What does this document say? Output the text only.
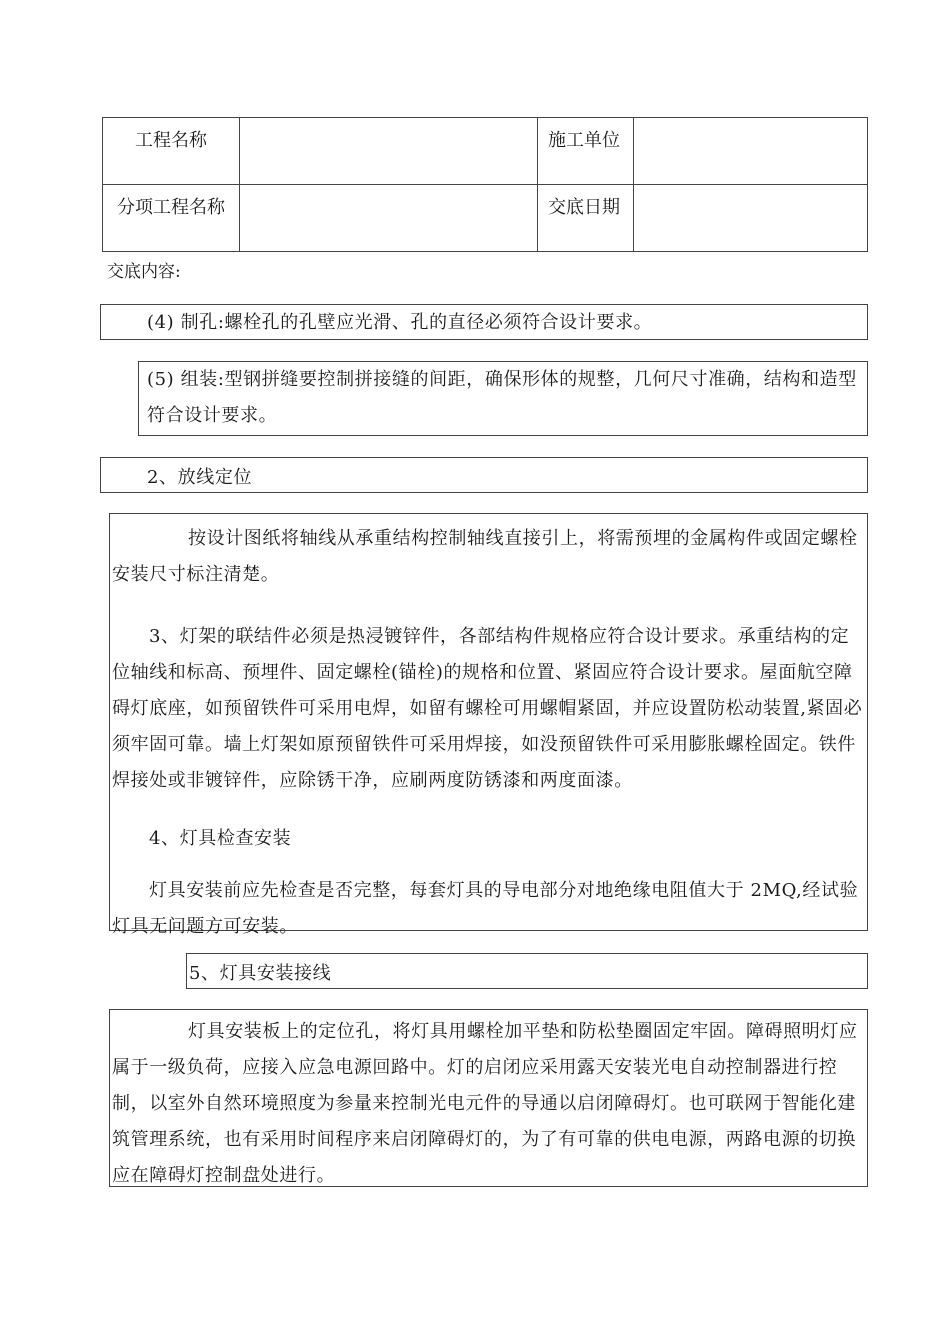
工程名称		施工单位	
分项工程名称		交底日期	
交底内容:

(4) 制孔:螺栓孔的孔壁应光滑、孔的直径必须符合设计要求。

(5) 组装:型钢拼缝要控制拼接缝的间距，确保形体的规整，几何尺寸准确，结构和造型符合设计要求。

2、放线定位

按设计图纸将轴线从承重结构控制轴线直接引上，将需预埋的金属构件或固定螺栓安装尺寸标注清楚。

3、灯架的联结件必须是热浸镀锌件，各部结构件规格应符合设计要求。承重结构的定位轴线和标高、预埋件、固定螺栓(锚栓)的规格和位置、紧固应符合设计要求。屋面航空障碍灯底座，如预留铁件可采用电焊，如留有螺栓可用螺帽紧固，并应设置防松动装置,紧固必须牢固可靠。墙上灯架如原预留铁件可采用焊接，如没预留铁件可采用膨胀螺栓固定。铁件焊接处或非镀锌件，应除锈干净，应刷两度防锈漆和两度面漆。

4、灯具检查安装

灯具安装前应先检查是否完整，每套灯具的导电部分对地绝缘电阻值大于 2MQ,经试验灯具无问题方可安装。

5、灯具安装接线

灯具安装板上的定位孔，将灯具用螺栓加平垫和防松垫圈固定牢固。障碍照明灯应属于一级负荷，应接入应急电源回路中。灯的启闭应采用露天安装光电自动控制器进行控制，以室外自然环境照度为参量来控制光电元件的导通以启闭障碍灯。也可联网于智能化建筑管理系统，也有采用时间程序来启闭障碍灯的，为了有可靠的供电电源，两路电源的切换应在障碍灯控制盘处进行。
